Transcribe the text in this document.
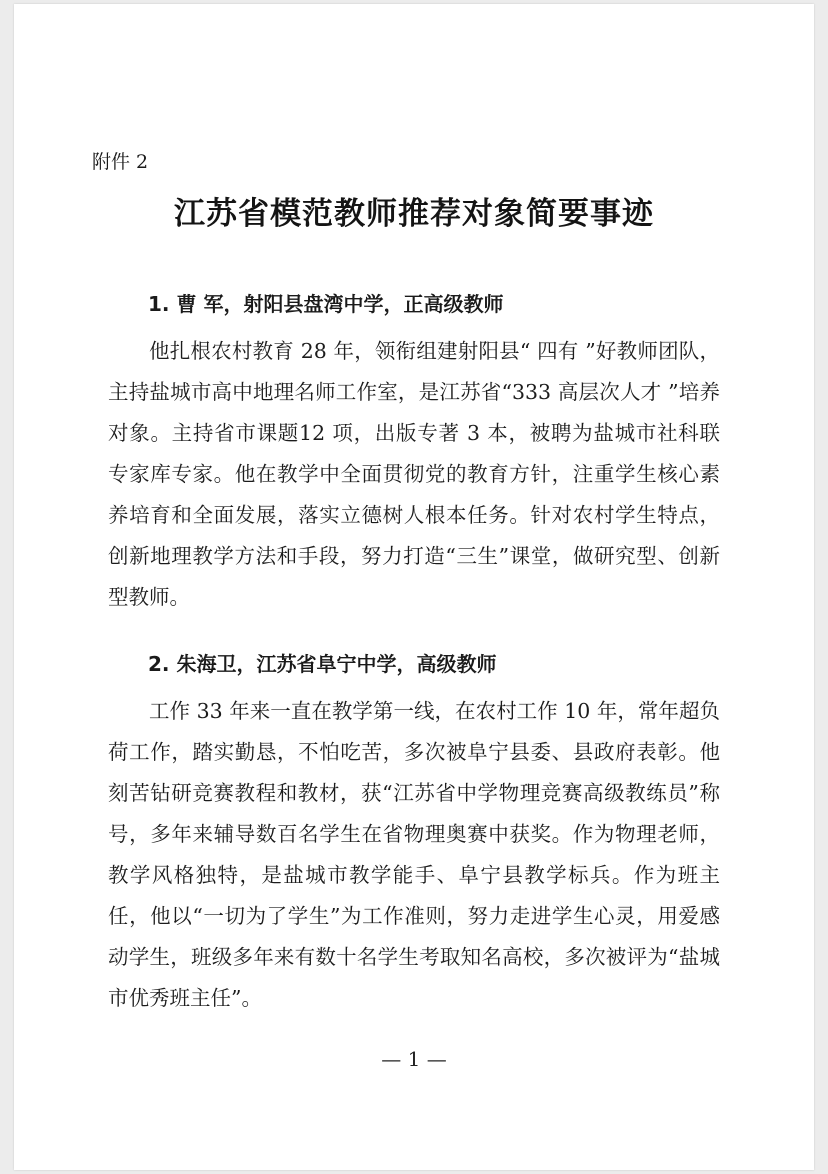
附件 2
江苏省模范教师推荐对象简要事迹
1. 曹 军，射阳县盘湾中学，正高级教师

他扎根农村教育 28 年，领衔组建射阳县“ 四有 ”好教师团队，主持盐城市高中地理名师工作室，是江苏省“333 高层次人才 ”培养对象。主持省市课题12 项，出版专著 3 本，被聘为盐城市社科联专家库专家。他在教学中全面贯彻党的教育方针，注重学生核心素养培育和全面发展，落实立德树人根本任务。针对农村学生特点，创新地理教学方法和手段，努力打造“三生”课堂，做研究型、创新型教师。

2. 朱海卫，江苏省阜宁中学，高级教师

工作 33 年来一直在教学第一线，在农村工作 10 年，常年超负荷工作，踏实勤恳，不怕吃苦，多次被阜宁县委、县政府表彰。他刻苦钻研竞赛教程和教材，获“江苏省中学物理竞赛高级教练员”称号，多年来辅导数百名学生在省物理奥赛中获奖。作为物理老师，教学风格独特，是盐城市教学能手、阜宁县教学标兵。作为班主任，他以“一切为了学生”为工作准则，努力走进学生心灵，用爱感动学生，班级多年来有数十名学生考取知名高校，多次被评为“盐城市优秀班主任”。

— 1 —
